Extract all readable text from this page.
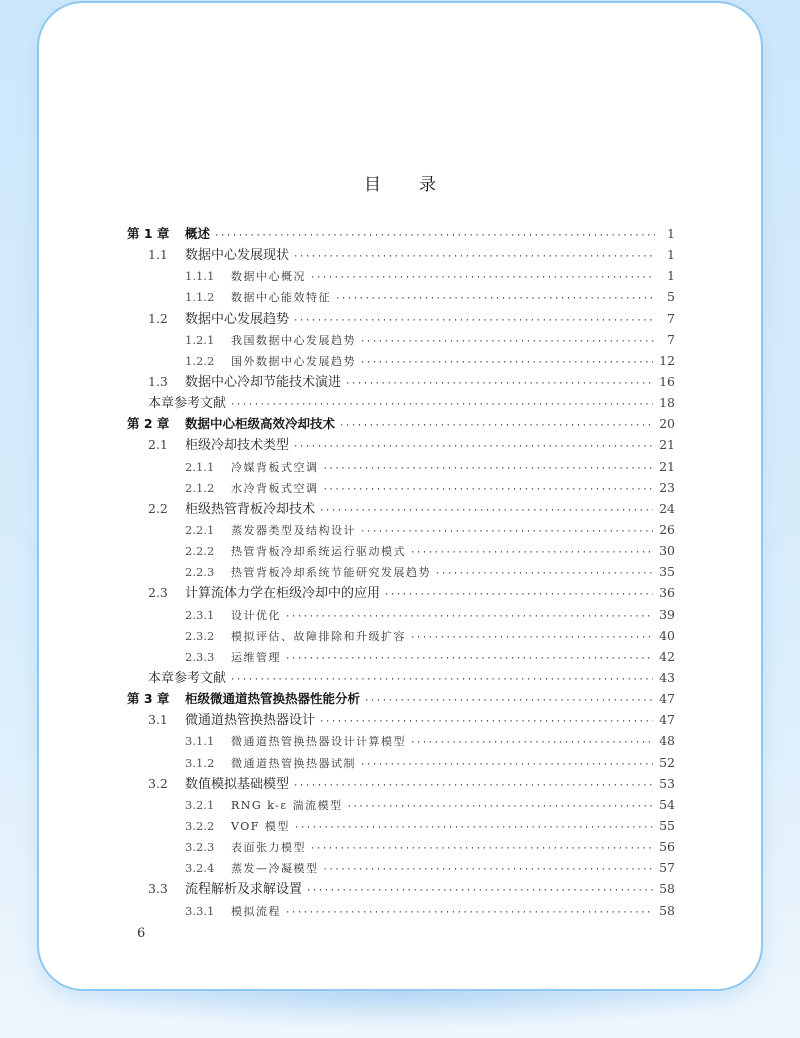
目录
第 1 章	概述 ·····	1
1.1	数据中心发展现状 ·····	1
1.1.1	数据中心概况 ·····	1
1.1.2	数据中心能效特征 ·····	5
1.2	数据中心发展趋势 ·····	7
1.2.1	我国数据中心发展趋势 ·····	7
1.2.2	国外数据中心发展趋势 ·····	12
1.3	数据中心冷却节能技术演进 ·····	16
本章参考文献 ·····	18
第 2 章	数据中心柜级高效冷却技术 ·····	20
2.1	柜级冷却技术类型 ·····	21
2.1.1	冷媒背板式空调 ·····	21
2.1.2	水冷背板式空调 ·····	23
2.2	柜级热管背板冷却技术 ·····	24
2.2.1	蒸发器类型及结构设计 ·····	26
2.2.2	热管背板冷却系统运行驱动模式 ·····	30
2.2.3	热管背板冷却系统节能研究发展趋势 ·····	35
2.3	计算流体力学在柜级冷却中的应用 ·····	36
2.3.1	设计优化 ·····	39
2.3.2	模拟评估、故障排除和升级扩容 ·····	40
2.3.3	运维管理 ·····	42
本章参考文献 ·····	43
第 3 章	柜级微通道热管换热器性能分析 ·····	47
3.1	微通道热管换热器设计 ·····	47
3.1.1	微通道热管换热器设计计算模型 ·····	48
3.1.2	微通道热管换热器试制 ·····	52
3.2	数值模拟基础模型 ·····	53
3.2.1	RNG k-ε 湍流模型 ·····	54
3.2.2	VOF 模型 ·····	55
3.2.3	表面张力模型 ·····	56
3.2.4	蒸发—冷凝模型 ·····	57
3.3	流程解析及求解设置 ·····	58
3.3.1	模拟流程 ·····	58
6
